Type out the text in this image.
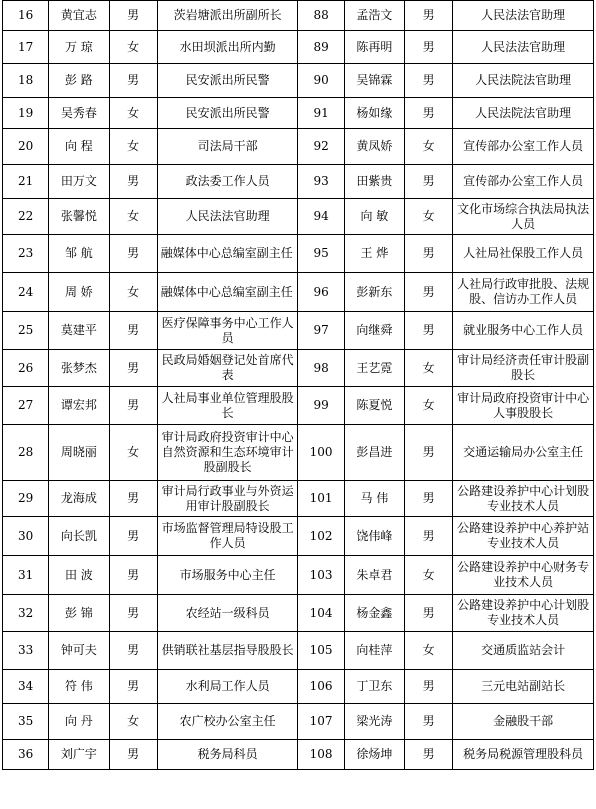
16	黄宜志	男	茨岩塘派出所副所长	88	孟浩文	男	人民法法官助理
17	万 琼	女	水田坝派出所内勤	89	陈再明	男	人民法法官助理
18	彭 路	男	民安派出所民警	90	吴锦霖	男	人民法院法官助理
19	吴秀春	女	民安派出所民警	91	杨如缘	男	人民法院法官助理
20	向 程	女	司法局干部	92	黄凤娇	女	宣传部办公室工作人员
21	田万文	男	政法委工作人员	93	田紫贵	男	宣传部办公室工作人员
22	张馨悦	女	人民法法官助理	94	向 敏	女	文化市场综合执法局执法人员
23	邹 航	男	融媒体中心总编室副主任	95	王 烨	男	人社局社保股工作人员
24	周 娇	女	融媒体中心总编室副主任	96	彭新东	男	人社局行政审批股、法规股、信访办工作人员
25	莫建平	男	医疗保障事务中心工作人员	97	向继舜	男	就业服务中心工作人员
26	张梦杰	男	民政局婚姻登记处首席代表	98	王艺霓	女	审计局经济责任审计股副股长
27	谭宏邦	男	人社局事业单位管理股股长	99	陈夏悦	女	审计局政府投资审计中心人事股股长
28	周晓丽	女	审计局政府投资审计中心自然资源和生态环境审计股副股长	100	彭昌进	男	交通运输局办公室主任
29	龙海成	男	审计局行政事业与外资运用审计股副股长	101	马 伟	男	公路建设养护中心计划股专业技术人员
30	向长凯	男	市场监督管理局特设股工作人员	102	饶伟峰	男	公路建设养护中心养护站专业技术人员
31	田 波	男	市场服务中心主任	103	朱卓君	女	公路建设养护中心财务专业技术人员
32	彭 锦	男	农经站一级科员	104	杨金鑫	男	公路建设养护中心计划股专业技术人员
33	钟可夫	男	供销联社基层指导股股长	105	向桂萍	女	交通质监站会计
34	符 伟	男	水利局工作人员	106	丁卫东	男	三元电站副站长
35	向 丹	女	农广校办公室主任	107	梁光涛	男	金融股干部
36	刘广宇	男	税务局科员	108	徐炀坤	男	税务局税源管理股科员
